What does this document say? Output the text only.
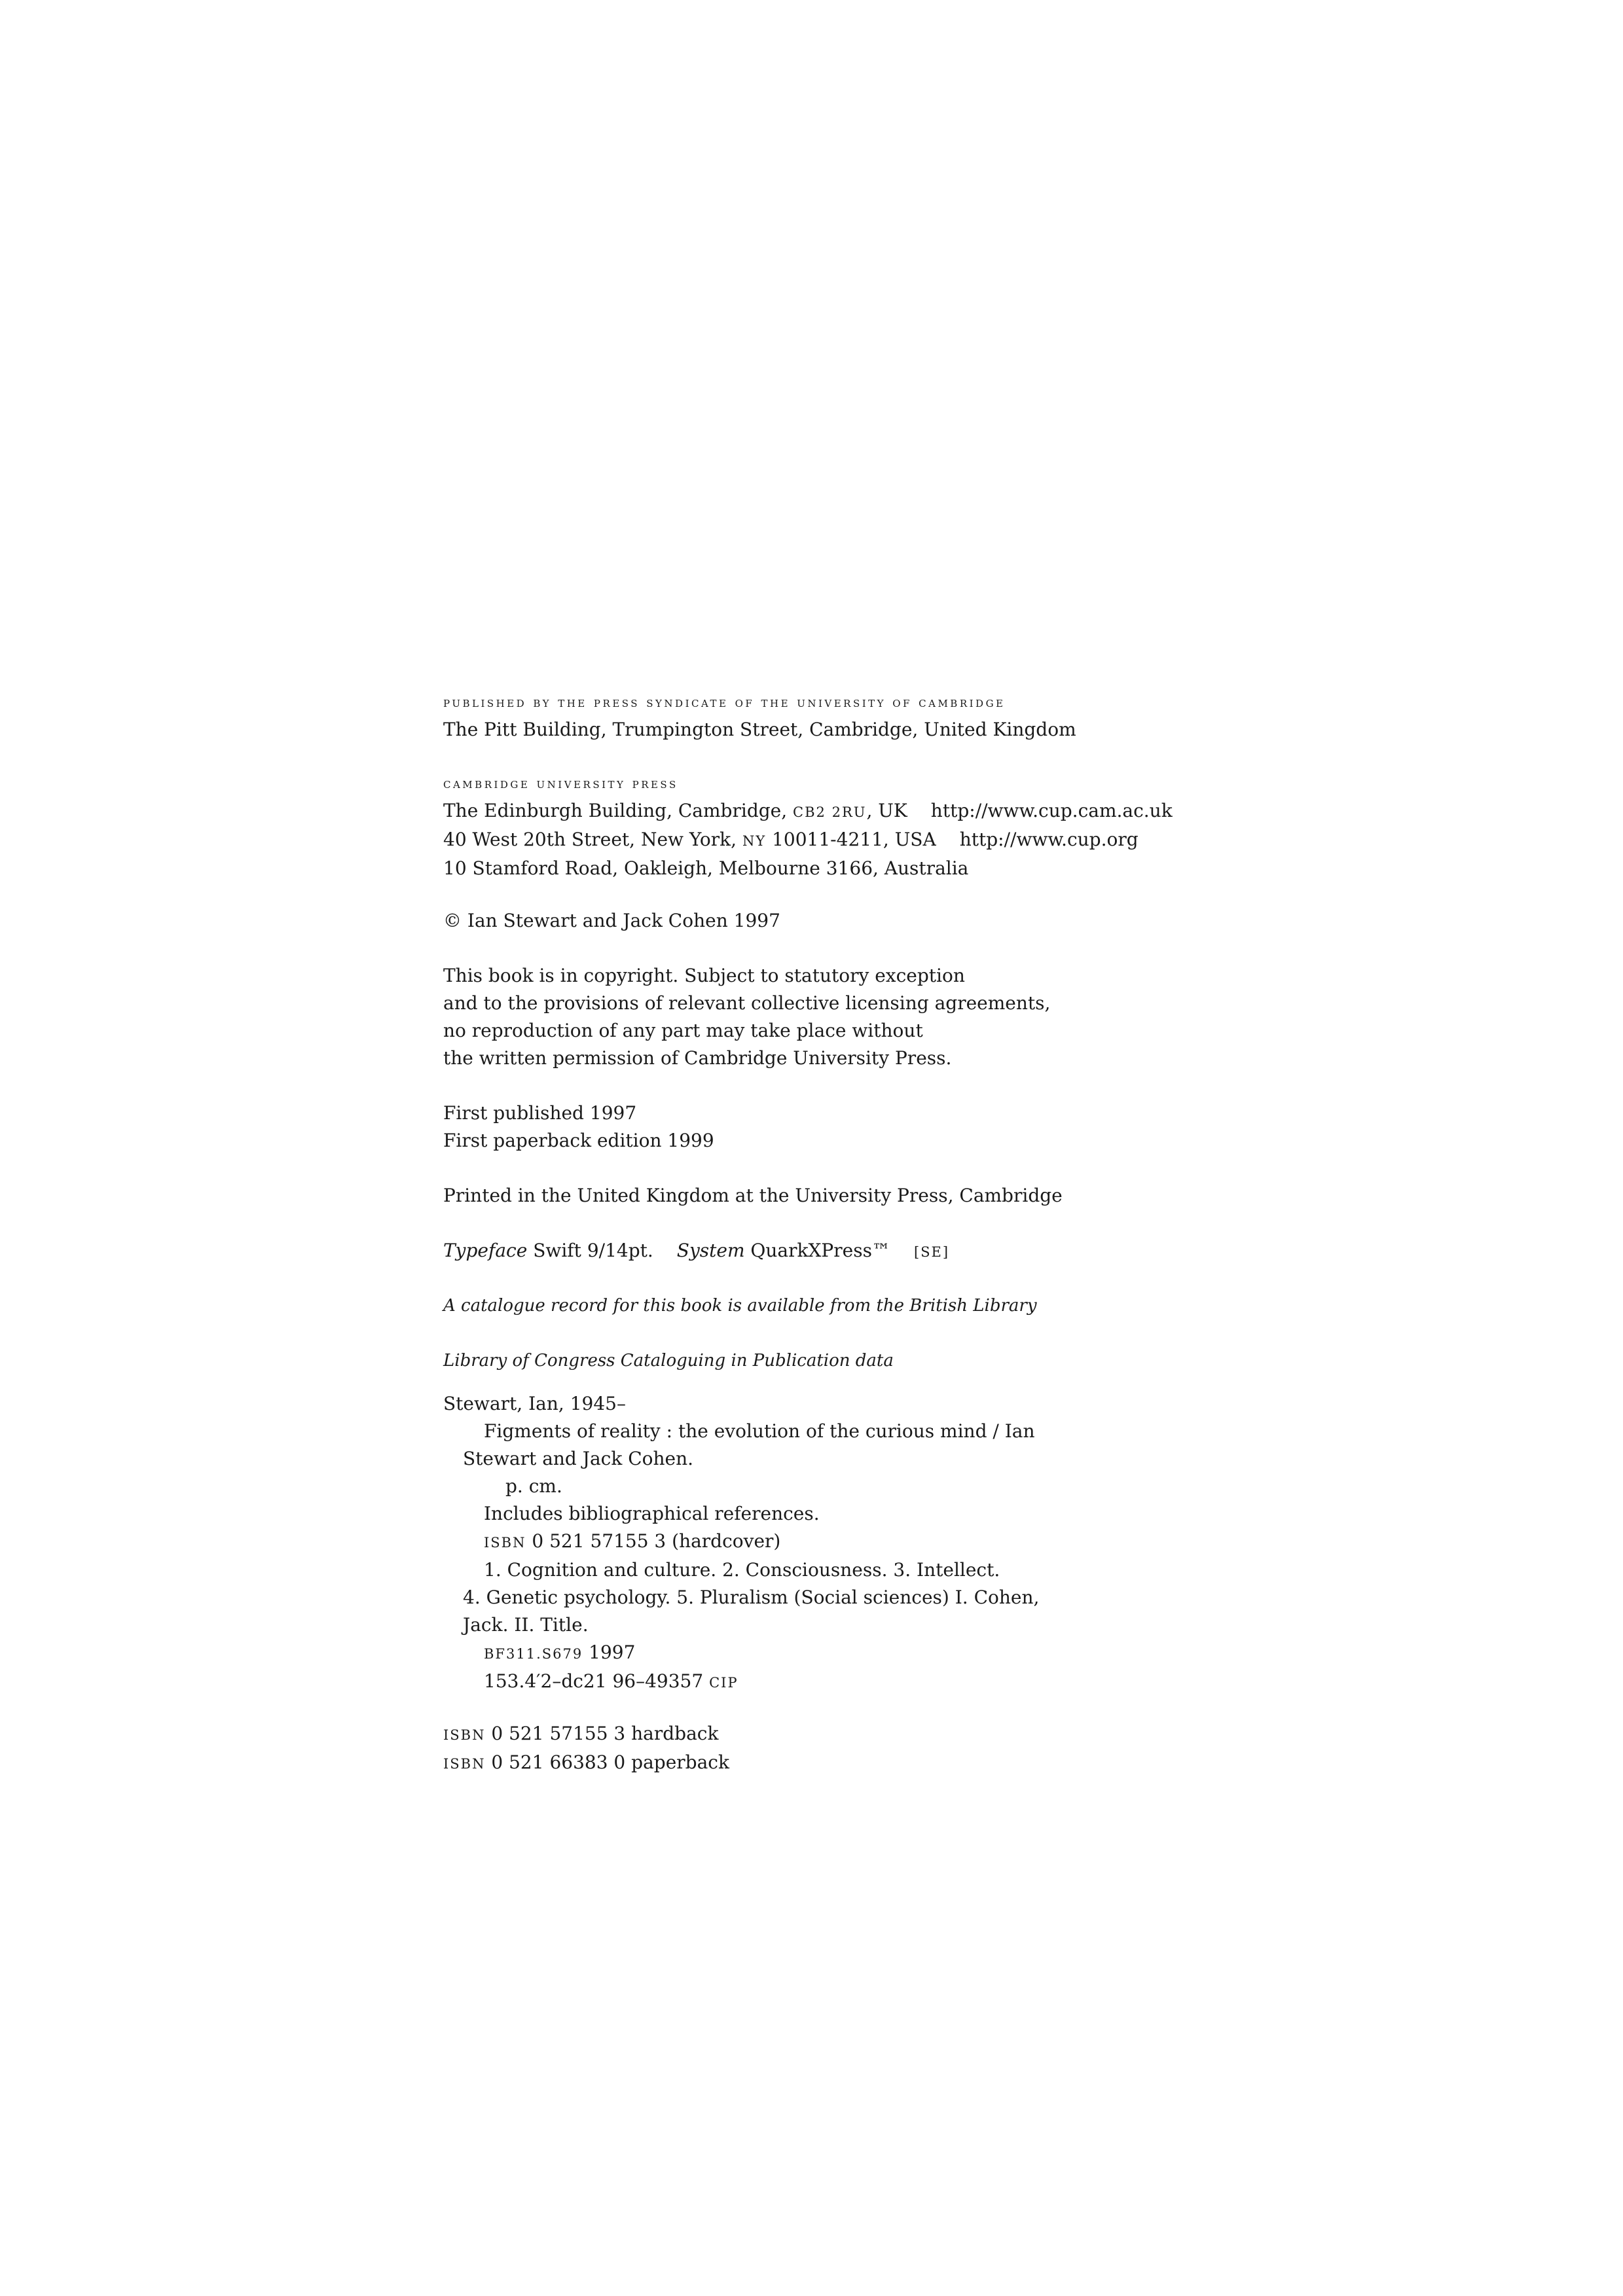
published by the press syndicate of the university of cambridge
The Pitt Building, Trumpington Street, Cambridge, United Kingdom
cambridge university press
The Edinburgh Building, Cambridge, CB2 2RU, UK http://www.cup.cam.ac.uk
40 West 20th Street, New York, NY 10011-4211, USA http://www.cup.org
10 Stamford Road, Oakleigh, Melbourne 3166, Australia
© Ian Stewart and Jack Cohen 1997
This book is in copyright. Subject to statutory exception
and to the provisions of relevant collective licensing agreements,
no reproduction of any part may take place without
the written permission of Cambridge University Press.
First published 1997
First paperback edition 1999
Printed in the United Kingdom at the University Press, Cambridge
Typeface Swift 9/14pt. System QuarkXPress™ [SE]
A catalogue record for this book is available from the British Library
Library of Congress Cataloguing in Publication data
Stewart, Ian, 1945–
Figments of reality : the evolution of the curious mind / Ian
Stewart and Jack Cohen.
p. cm.
Includes bibliographical references.
ISBN 0 521 57155 3 (hardcover)
1. Cognition and culture. 2. Consciousness. 3. Intellect.
4. Genetic psychology. 5. Pluralism (Social sciences) I. Cohen,
Jack. II. Title.
BF311.S679 1997
153.4′2–dc21 96–49357 CIP
ISBN 0 521 57155 3 hardback
ISBN 0 521 66383 0 paperback
